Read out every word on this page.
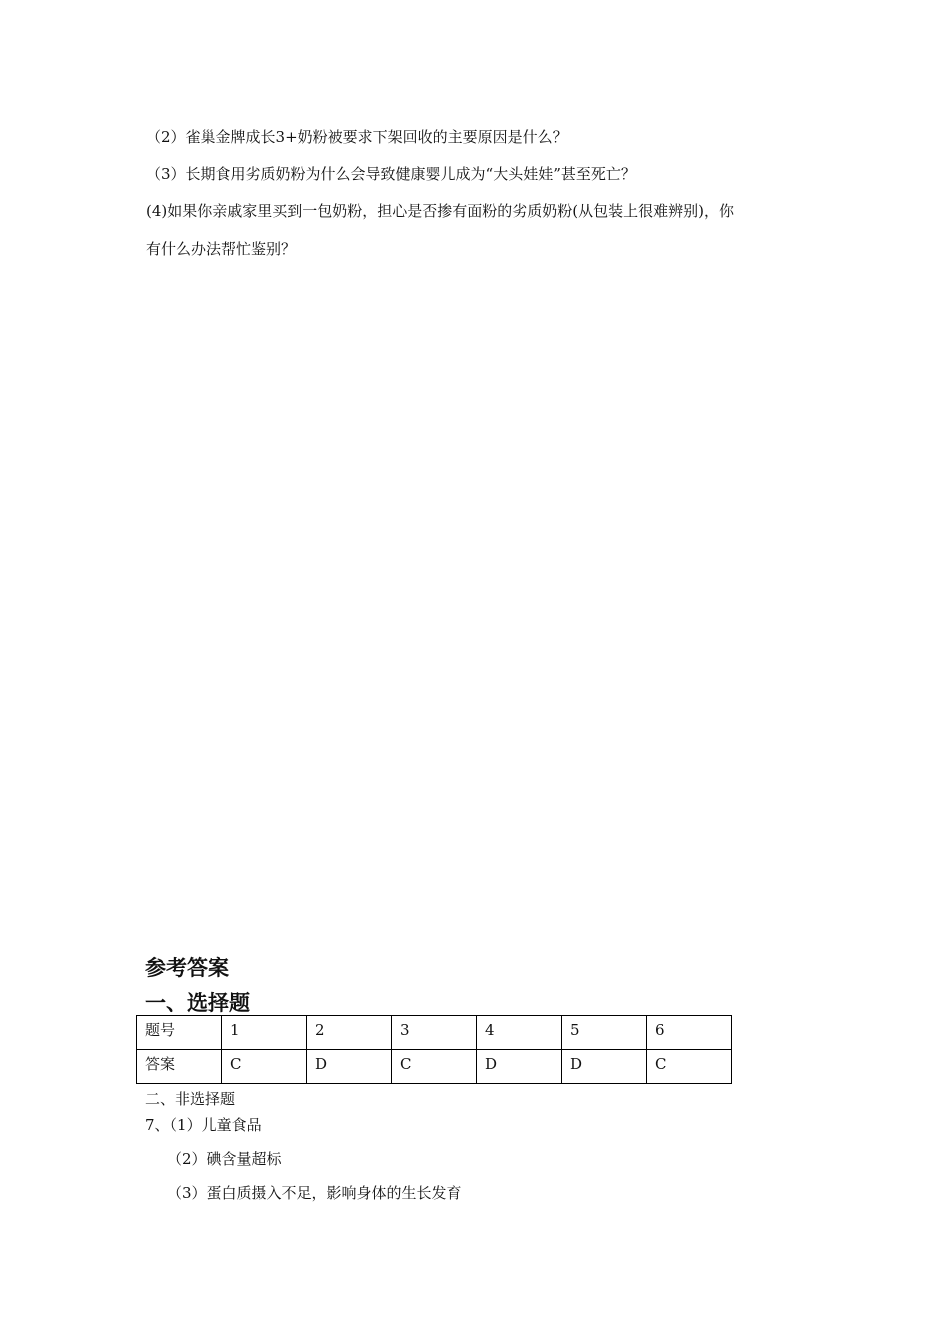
（2）雀巢金牌成长3+奶粉被要求下架回收的主要原因是什么？
（3）长期食用劣质奶粉为什么会导致健康婴儿成为“大头娃娃”甚至死亡？
(4)如果你亲戚家里买到一包奶粉，担心是否掺有面粉的劣质奶粉(从包装上很难辨别)，你
有什么办法帮忙鉴别？
参考答案
一、选择题
题号	1	2	3	4	5	6
答案	C	D	C	D	D	C
二、非选择题
7、（1）儿童食品
（2）碘含量超标
（3）蛋白质摄入不足，影响身体的生长发育
